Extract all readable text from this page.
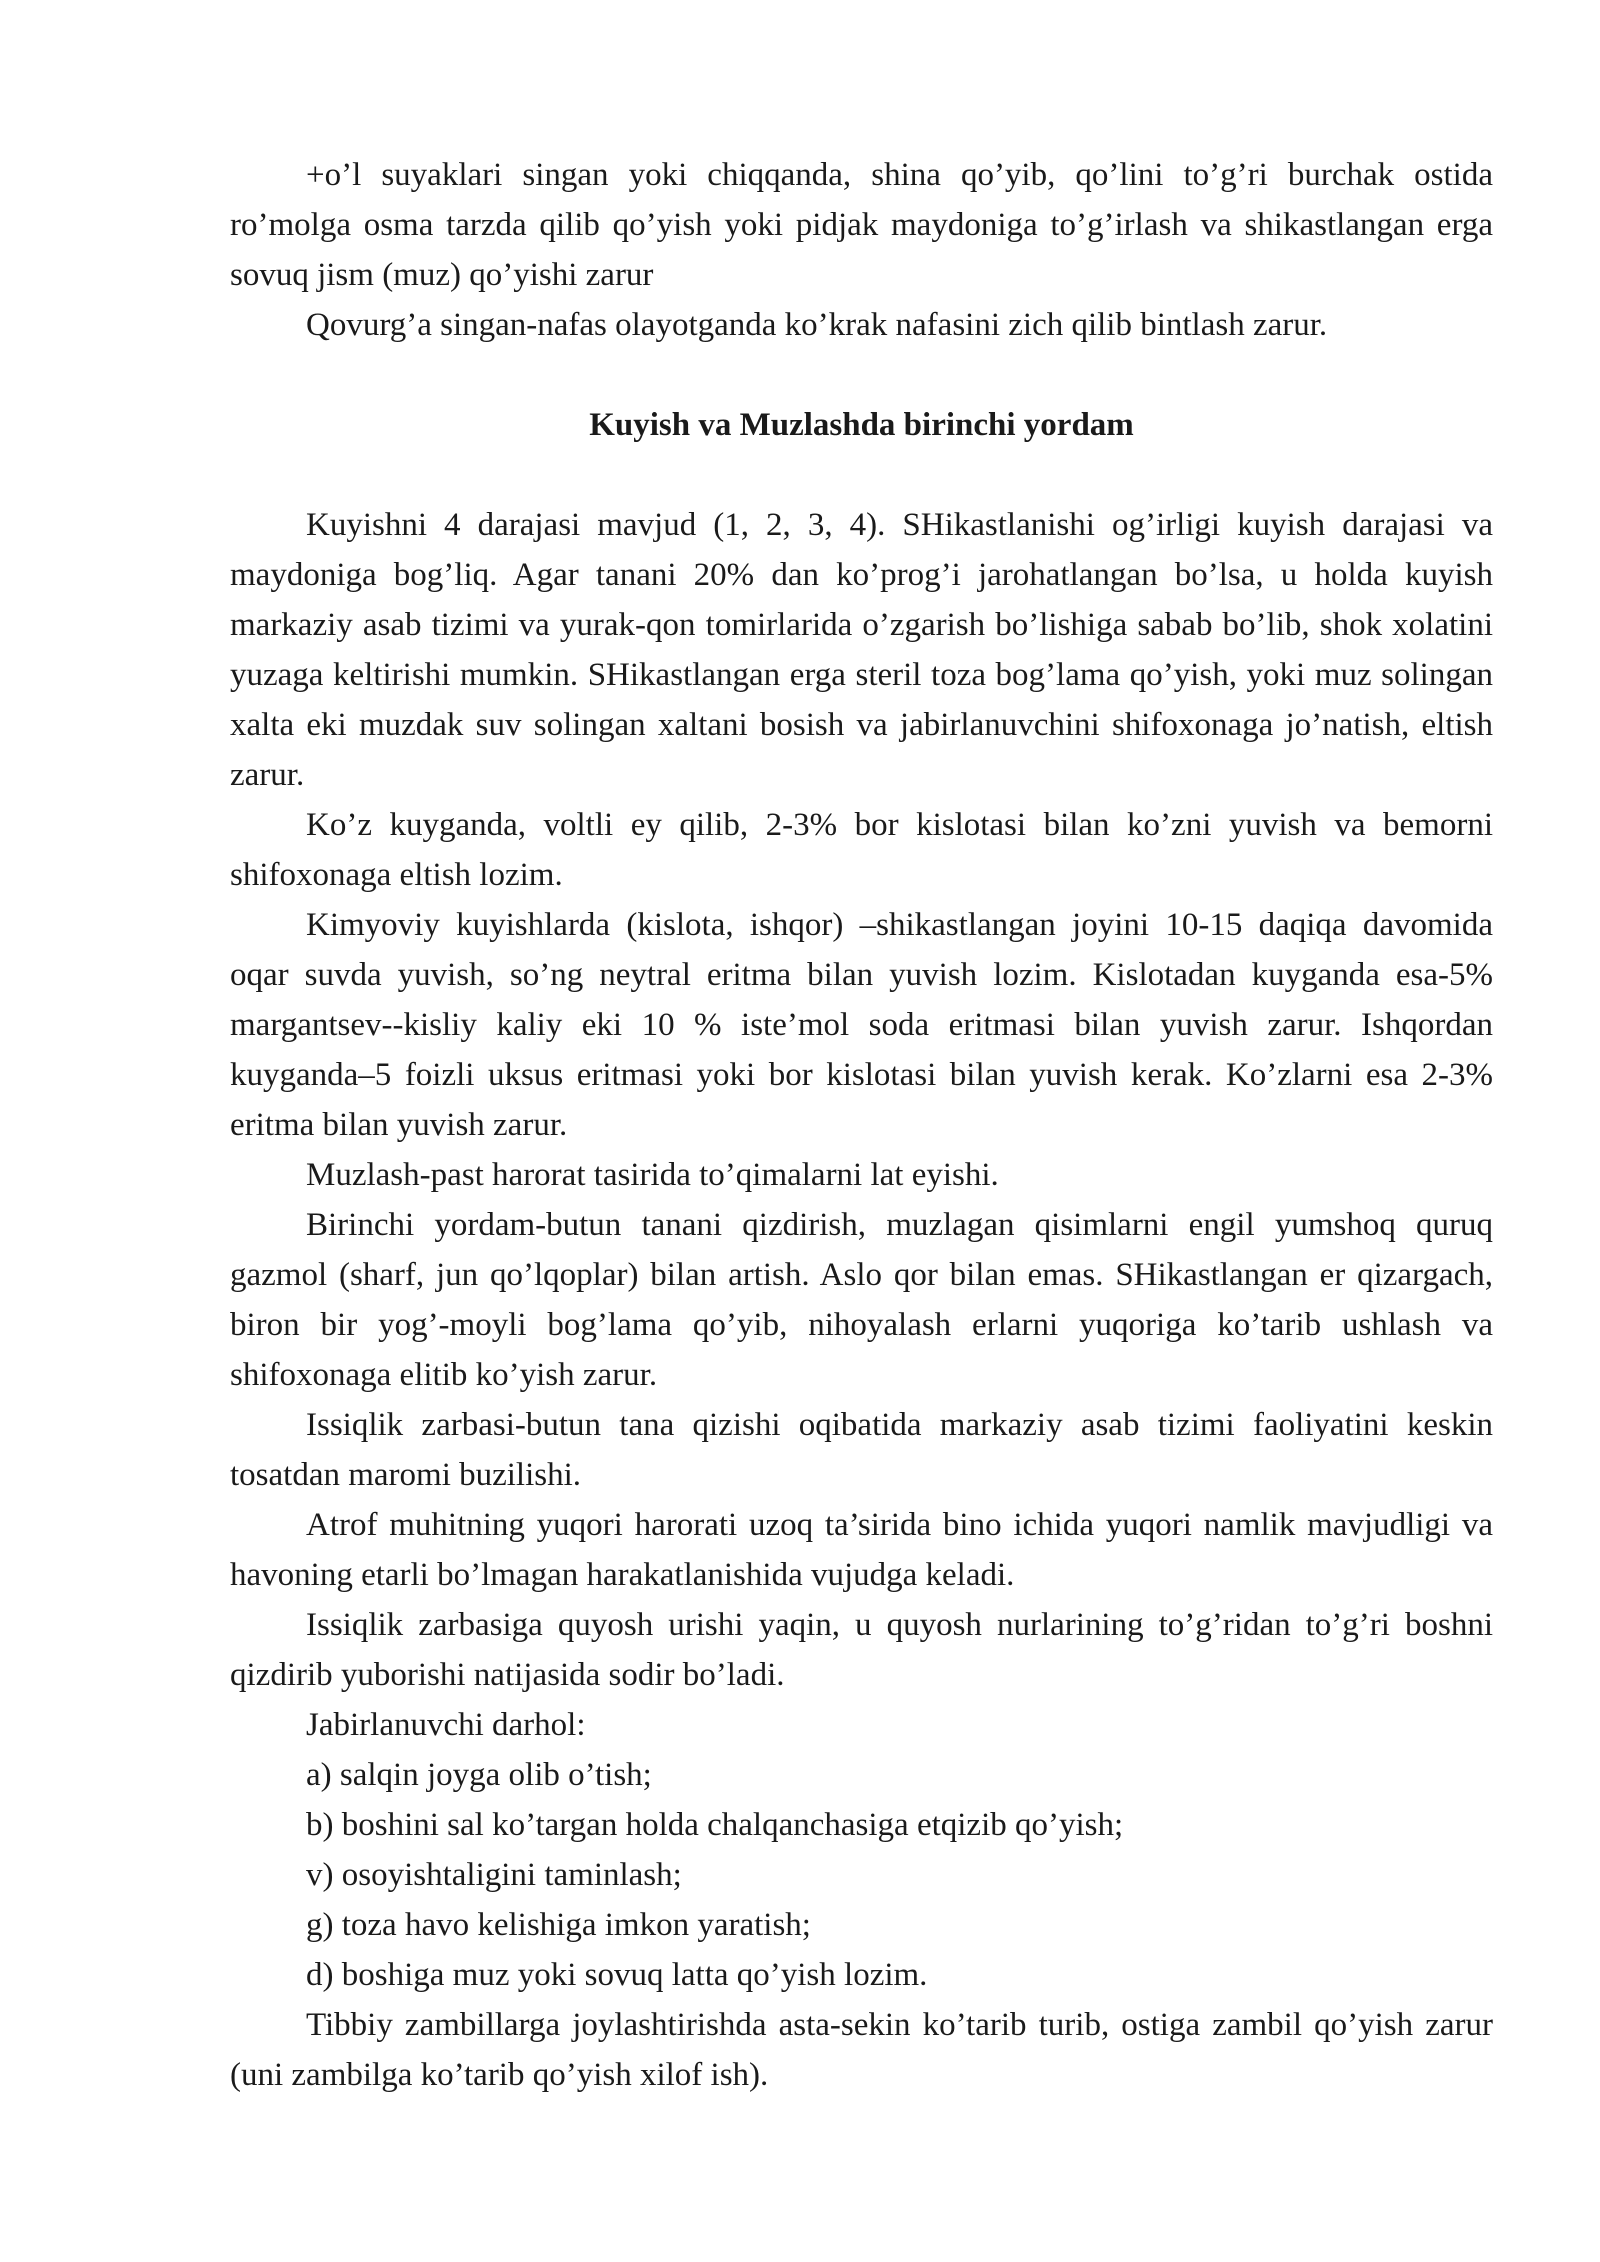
+o’l suyaklari singan yoki chiqqanda, shina qo’yib, qo’lini to’g’ri burchak ostida ro’molga osma tarzda qilib qo’yish yoki pidjak maydoniga to’g’irlash va shikastlangan erga sovuq jism (muz) qo’yishi zarur

Qovurg’a singan-nafas olayotganda ko’krak nafasini zich qilib bintlash zarur.

Kuyish va Muzlashda birinchi yordam

Kuyishni 4 darajasi mavjud (1, 2, 3, 4). SHikastlanishi og’irligi kuyish darajasi va maydoniga bog’liq. Agar tanani 20% dan ko’prog’i jarohatlangan bo’lsa, u holda kuyish markaziy asab tizimi va yurak-qon tomirlarida o’zgarish bo’lishiga sabab bo’lib, shok xolatini yuzaga keltirishi mumkin. SHikastlangan erga steril toza bog’lama qo’yish, yoki muz solingan xalta eki muzdak suv solingan xaltani bosish va jabirlanuvchini shifoxonaga jo’natish, eltish zarur.

Ko’z kuyganda, voltli ey qilib, 2-3% bor kislotasi bilan ko’zni yuvish va bemorni shifoxonaga eltish lozim.

Kimyoviy kuyishlarda (kislota, ishqor) –shikastlangan joyini 10-15 daqiqa davomida oqar suvda yuvish, so’ng neytral eritma bilan yuvish lozim. Kislotadan kuyganda esa-5% margantsev--kisliy kaliy eki 10 % iste’mol soda eritmasi bilan yuvish zarur. Ishqordan kuyganda–5 foizli uksus eritmasi yoki bor kislotasi bilan yuvish kerak. Ko’zlarni esa 2-3% eritma bilan yuvish zarur.

Muzlash-past harorat tasirida to’qimalarni lat eyishi.

Birinchi yordam-butun tanani qizdirish, muzlagan qisimlarni engil yumshoq quruq gazmol (sharf, jun qo’lqoplar) bilan artish. Aslo qor bilan emas. SHikastlangan er qizargach, biron bir yog’-moyli bog’lama qo’yib, nihoyalash erlarni yuqoriga ko’tarib ushlash va shifoxonaga elitib ko’yish zarur.

Issiqlik zarbasi-butun tana qizishi oqibatida markaziy asab tizimi faoliyatini keskin tosatdan maromi buzilishi.

Atrof muhitning yuqori harorati uzoq ta’sirida bino ichida yuqori namlik mavjudligi va havoning etarli bo’lmagan harakatlanishida vujudga keladi.

Issiqlik zarbasiga quyosh urishi yaqin, u quyosh nurlarining to’g’ridan to’g’ri boshni qizdirib yuborishi natijasida sodir bo’ladi.

Jabirlanuvchi darhol:

a) salqin joyga olib o’tish;

b) boshini sal ko’targan holda chalqanchasiga etqizib qo’yish;

v) osoyishtaligini taminlash;

g) toza havo kelishiga imkon yaratish;

d) boshiga muz yoki sovuq latta qo’yish lozim.

Tibbiy zambillarga joylashtirishda asta-sekin ko’tarib turib, ostiga zambil qo’yish zarur (uni zambilga ko’tarib qo’yish xilof ish).
